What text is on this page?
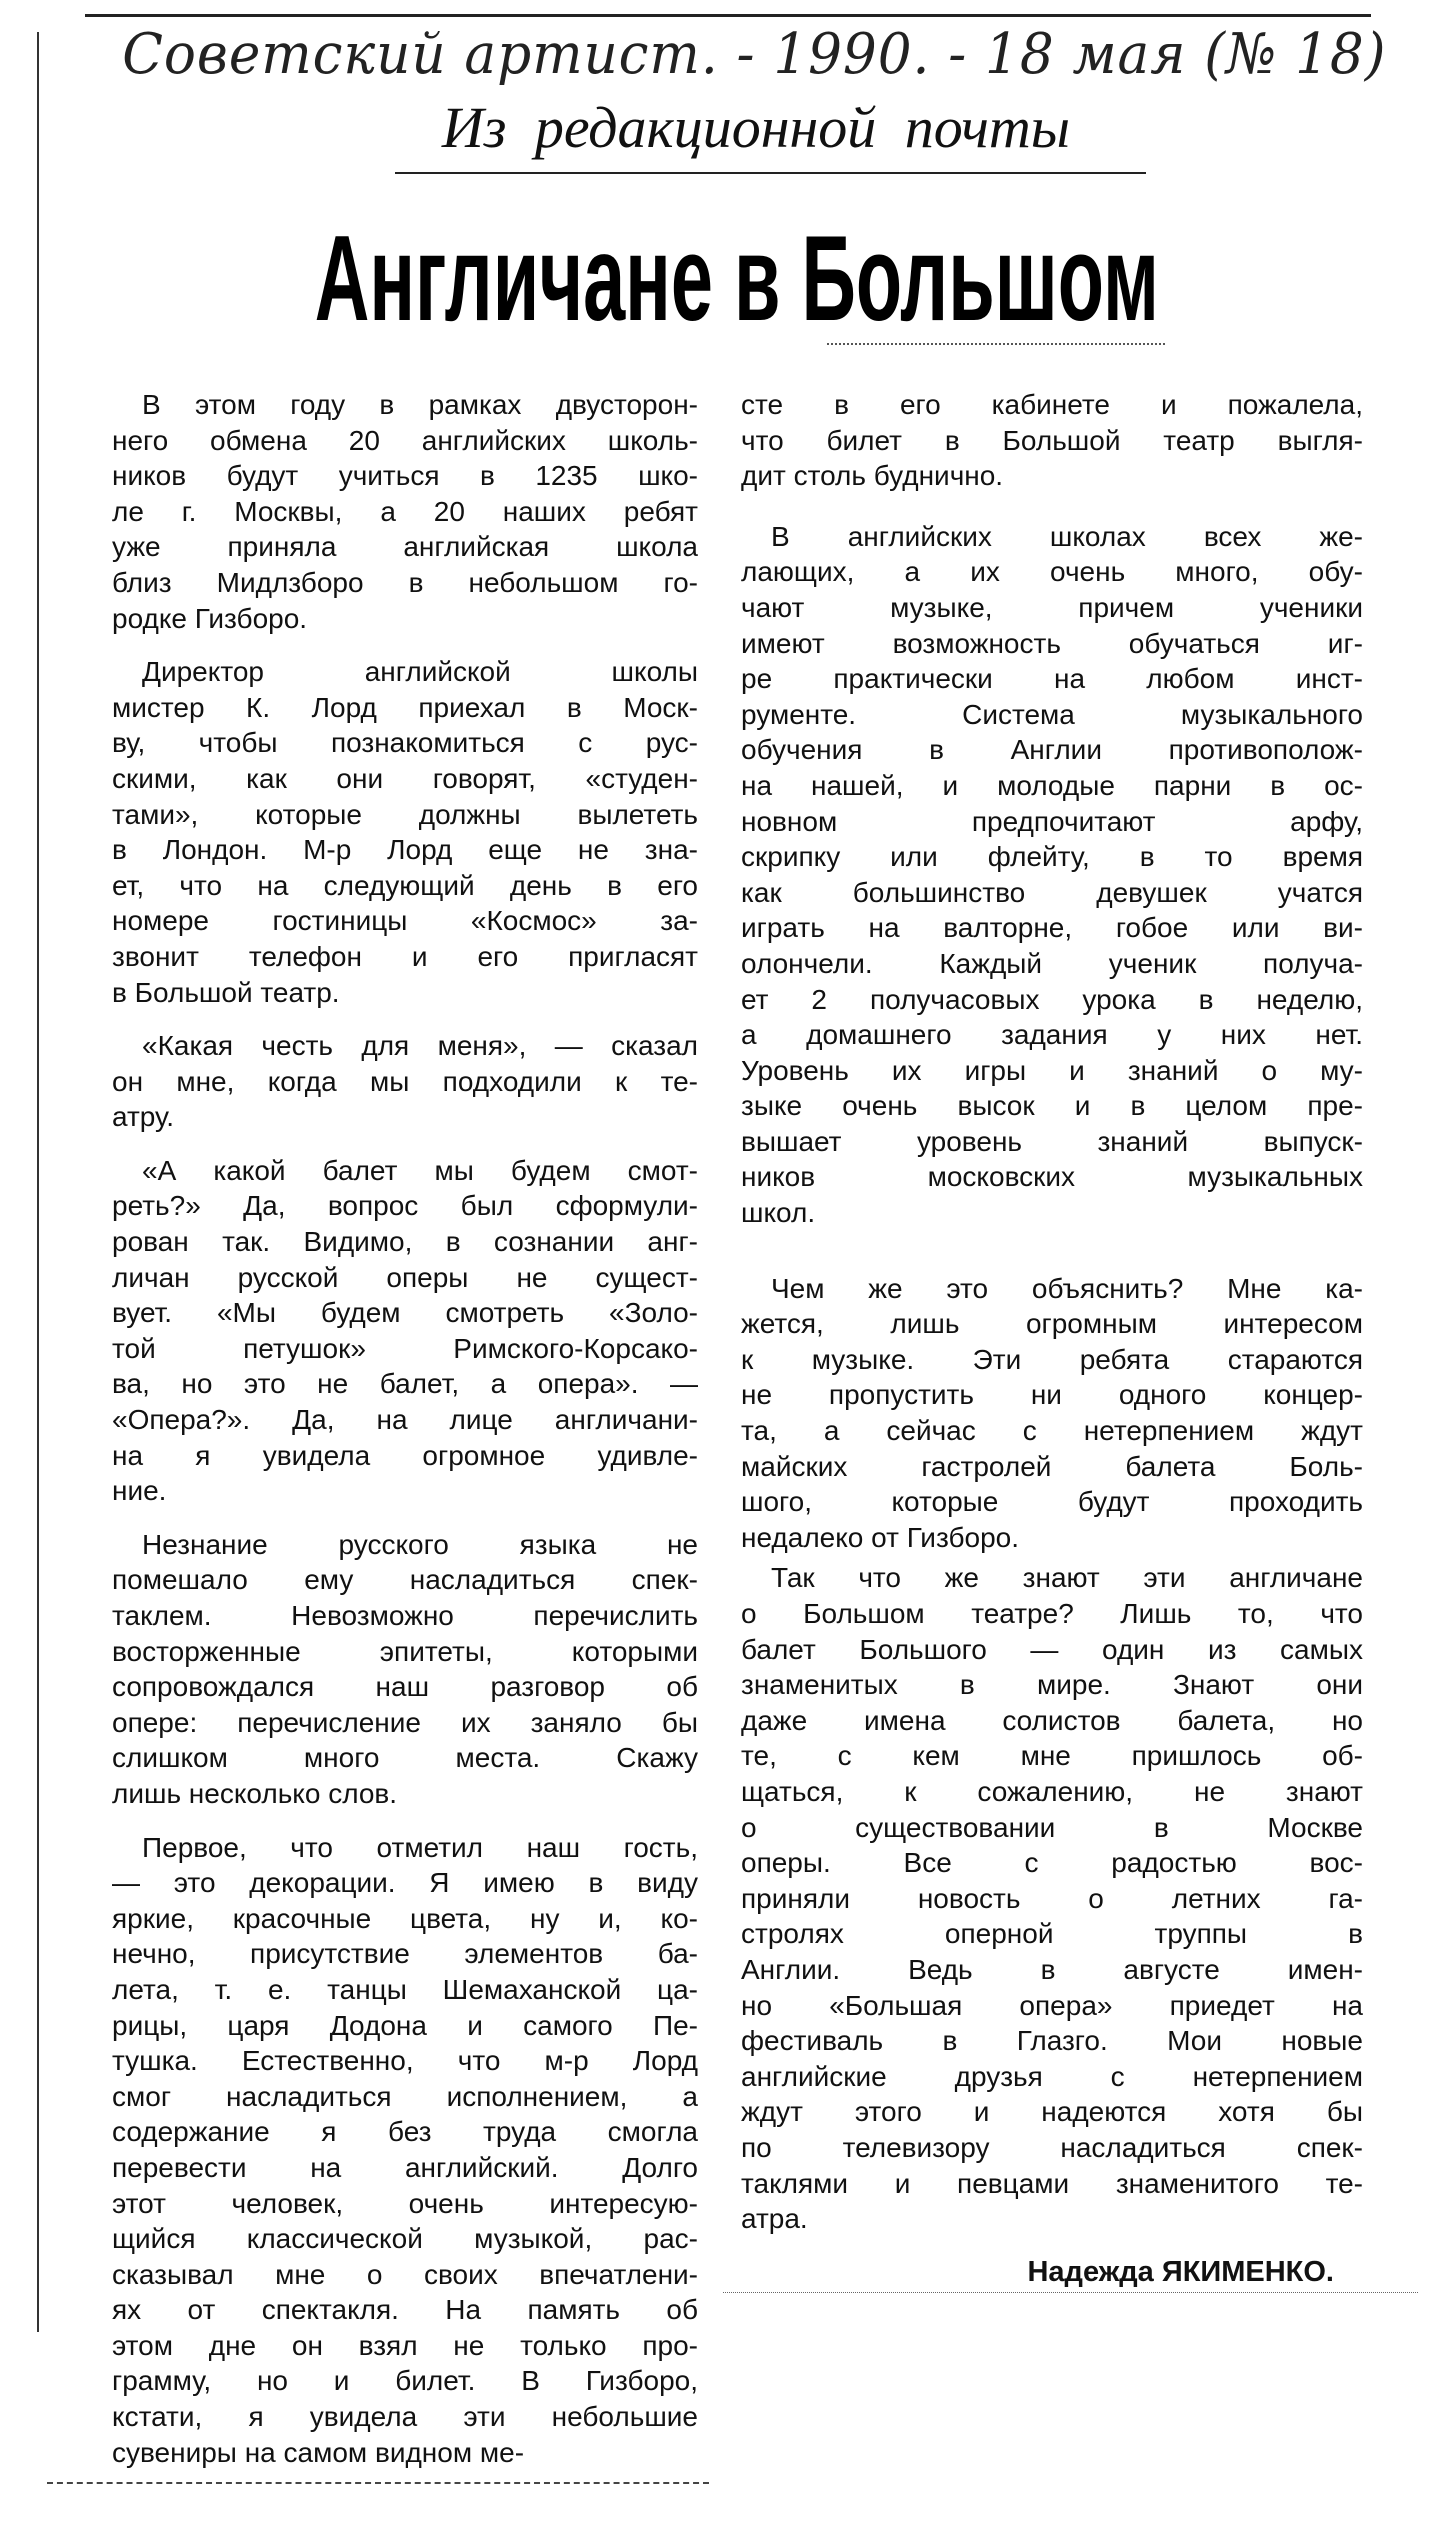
Советский артист. - 1990. - 18 мая (№ 18)
Из редакционной почты
Англичане в Большом
В этом году в рамках двусторон-
него обмена 20 английских школь-
ников будут учиться в 1235 шко-
ле г. Москвы, а 20 наших ребят
уже приняла английская школа
близ Мидлзборо в небольшом го-
родке Гизборо.
Директор английской школы
мистер К. Лорд приехал в Моск-
ву, чтобы познакомиться с рус-
скими, как они говорят, «студен-
тами», которые должны вылететь
в Лондон. М-р Лорд еще не зна-
ет, что на следующий день в его
номере гостиницы «Космос» за-
звонит телефон и его пригласят
в Большой театр.
«Какая честь для меня», — сказал
он мне, когда мы подходили к те-
атру.
«А какой балет мы будем смот-
реть?» Да, вопрос был сформули-
рован так. Видимо, в сознании анг-
личан русской оперы не сущест-
вует. «Мы будем смотреть «Золо-
той петушок» Римского-Корсако-
ва, но это не балет, а опера». —
«Опера?». Да, на лице англичани-
на я увидела огромное удивле-
ние.
Незнание русского языка не
помешало ему насладиться спек-
таклем. Невозможно перечислить
восторженные эпитеты, которыми
сопровождался наш разговор об
опере: перечисление их заняло бы
слишком много места. Скажу
лишь несколько слов.
Первое, что отметил наш гость,
— это декорации. Я имею в виду
яркие, красочные цвета, ну и, ко-
нечно, присутствие элементов ба-
лета, т. е. танцы Шемаханской ца-
рицы, царя Додона и самого Пе-
тушка. Естественно, что м-р Лорд
смог насладиться исполнением, а
содержание я без труда смогла
перевести на английский. Долго
этот человек, очень интересую-
щийся классической музыкой, рас-
сказывал мне о своих впечатлени-
ях от спектакля. На память об
этом дне он взял не только про-
грамму, но и билет. В Гизборо,
кстати, я увидела эти небольшие
сувениры на самом видном ме-
сте в его кабинете и пожалела,
что билет в Большой театр выгля-
дит столь буднично.
В английских школах всех же-
лающих, а их очень много, обу-
чают музыке, причем ученики
имеют возможность обучаться иг-
ре практически на любом инст-
рументе. Система музыкального
обучения в Англии противополож-
на нашей, и молодые парни в ос-
новном предпочитают арфу,
скрипку или флейту, в то время
как большинство девушек учатся
играть на валторне, гобое или ви-
олончели. Каждый ученик получа-
ет 2 получасовых урока в неделю,
а домашнего задания у них нет.
Уровень их игры и знаний о му-
зыке очень высок и в целом пре-
вышает уровень знаний выпуск-
ников московских музыкальных
школ.
Чем же это объяснить? Мне ка-
жется, лишь огромным интересом
к музыке. Эти ребята стараются
не пропустить ни одного концер-
та, а сейчас с нетерпением ждут
майских гастролей балета Боль-
шого, которые будут проходить
недалеко от Гизборо.
Так что же знают эти англичане
о Большом театре? Лишь то, что
балет Большого — один из самых
знаменитых в мире. Знают они
даже имена солистов балета, но
те, с кем мне пришлось об-
щаться, к сожалению, не знают
о существовании в Москве
оперы. Все с радостью вос-
приняли новость о летних га-
стролях оперной труппы в
Англии. Ведь в августе имен-
но «Большая опера» приедет на
фестиваль в Глазго. Мои новые
английские друзья с нетерпением
ждут этого и надеются хотя бы
по телевизору насладиться спек-
таклями и певцами знаменитого те-
атра.
Надежда ЯКИМЕНКО.
